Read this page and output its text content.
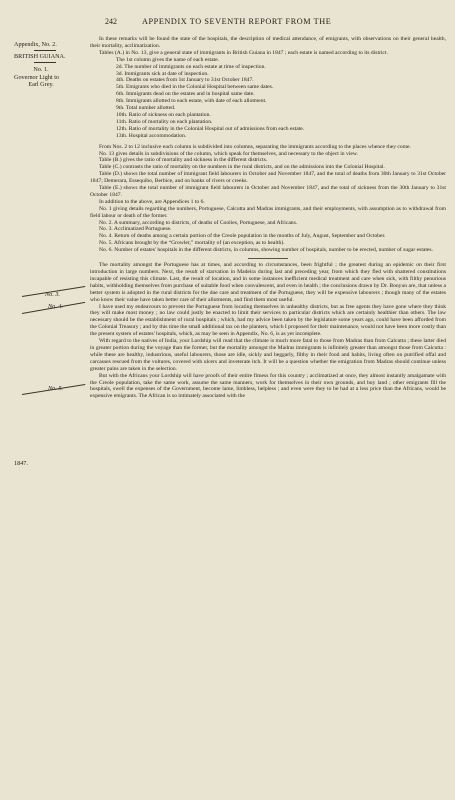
242	APPENDIX TO SEVENTH REPORT FROM THE
Appendix, No. 2.
BRITISH GUIANA.
No. 1.
Governor Light to
Earl Grey.
No. 3.
No. 4.
No. 5.
1847.

In these remarks will be found the state of the hospitals, the description of medical attendance, of emigrants, with observations on their general health, their mortality, acclimatization.

Tables (A.) in No. 13, give a general state of immigrants in British Guiana in 1847 ; each estate is named according to its district.

The 1st column gives the name of each estate.
2d. The number of immigrants on each estate at time of inspection.
3d. Immigrants sick at date of inspection.
4th. Deaths on estates from 1st January to 31st October 1847.
5th. Emigrants who died in the Colonial Hospital between same dates.
6th. Immigrants dead on the estates and in hospital same date.
8th. Immigrants allotted to each estate, with date of each allotment.
9th. Total number allotted.
10th. Ratio of sickness on each plantation.
11th. Ratio of mortality on each plantation.
12th. Ratio of mortality in the Colonial Hospital out of admissions from each estate.
13th. Hospital accommodation.

From Nos. 2 to 12 inclusive each column is subdivided into columns, separating the immigrants according to the places whence they come.

No. 13 gives details in subdivisions of the column, which speak for themselves, and necessary to the object in view.

Table (B.) gives the ratio of mortality and sickness in the different districts.

Table (C.) contrasts the ratio of mortality on the numbers in the rural districts, and on the admissions into the Colonial Hospital.

Table (D.) shows the total number of immigrant field labourers in October and November 1847, and the total of deaths from 30th January to 31st October 1847; Demerara, Essequibo, Berbice, and on banks of rivers or creeks.

Table (E.) shows the total number of immigrant field labourers in October and November 1847, and the total of sickness from the 30th January to 31st October 1847.

In addition to the above, are Appendices 1 to 6.

No. 1 giving details regarding the numbers, Portuguese, Calcutta and Madras immigrants, and their employments, with assumption as to withdrawal from field labour or death of the former.

No. 2. A summary, according to districts, of deaths of Coolies, Portuguese, and Africans.

No. 3. Acclimatized Portuguese.

No. 4. Return of deaths among a certain portion of the Creole population in the months of July, August, September and October.

No. 5. Africans brought by the “Growler,” mortality of (an exception, as to health).

No. 6. Number of estates' hospitals in the different districts, in columns, showing number of hospitals, number to be erected, number of sugar estates.

The mortality amongst the Portuguese has at times, and according to circumstances, been frightful ; the greatest during an epidemic on their first introduction in large numbers. Next, the result of starvation in Madeira during last and preceding year, from which they fled with shattered constitutions incapable of resisting this climate. Last, the result of location, and in some instances inefficient medical treatment and care when sick, with filthy penurious habits, withholding themselves from purchase of suitable food when convalescent, and even in health ; the conclusions drawn by Dr. Bonyun are, that unless a better system is adopted in the rural districts for the due care and treatment of the Portuguese, they will be expensive labourers ; though many of the estates who know their value have taken better care of their allotments, and find them most useful.

I have used my endeavours to prevent the Portuguese from locating themselves in unhealthy districts, but as free agents they have gone where they think they will make most money ; no law could justly be enacted to limit their services to particular districts which are certainly healthier than others. The law necessary should be the establishment of rural hospitals ; which, had my advice been taken by the legislature some years ago, could have been afforded from the Colonial Treasury ; and by this time the small additional tax on the planters, which I proposed for their maintenance, would not have been more costly than the present system of estates' hospitals, which, as may be seen in Appendix, No. 6, is as yet incomplete.

With regard to the natives of India, your Lordship will read that the climate is much more fatal to those from Madras than from Calcutta ; these latter died in greater portion during the voyage than the former, but the mortality amongst the Madras immigrants is infinitely greater than amongst those from Calcutta : while these are healthy, industrious, useful labourers, those are idle, sickly and beggarly, filthy in their food and habits, living often on putrified offal and carcasses rescued from the vultures, covered with ulcers and inveterate itch. It will be a question whether the emigration from Madras should continue unless greater pains are taken in the selection.

But with the Africans your Lordship will have proofs of their entire fitness for this country ; acclimatized at once, they almost instantly amalgamate with the Creole population, take the same work, assume the same manners, work for themselves in their own grounds, and buy land ; other emigrants fill the hospitals, swell the expenses of the Government, become lame, limbless, helpless ; and even were they to be had at a less price than the Africans, would be expensive emigrants. The African is so intimately associated with the
